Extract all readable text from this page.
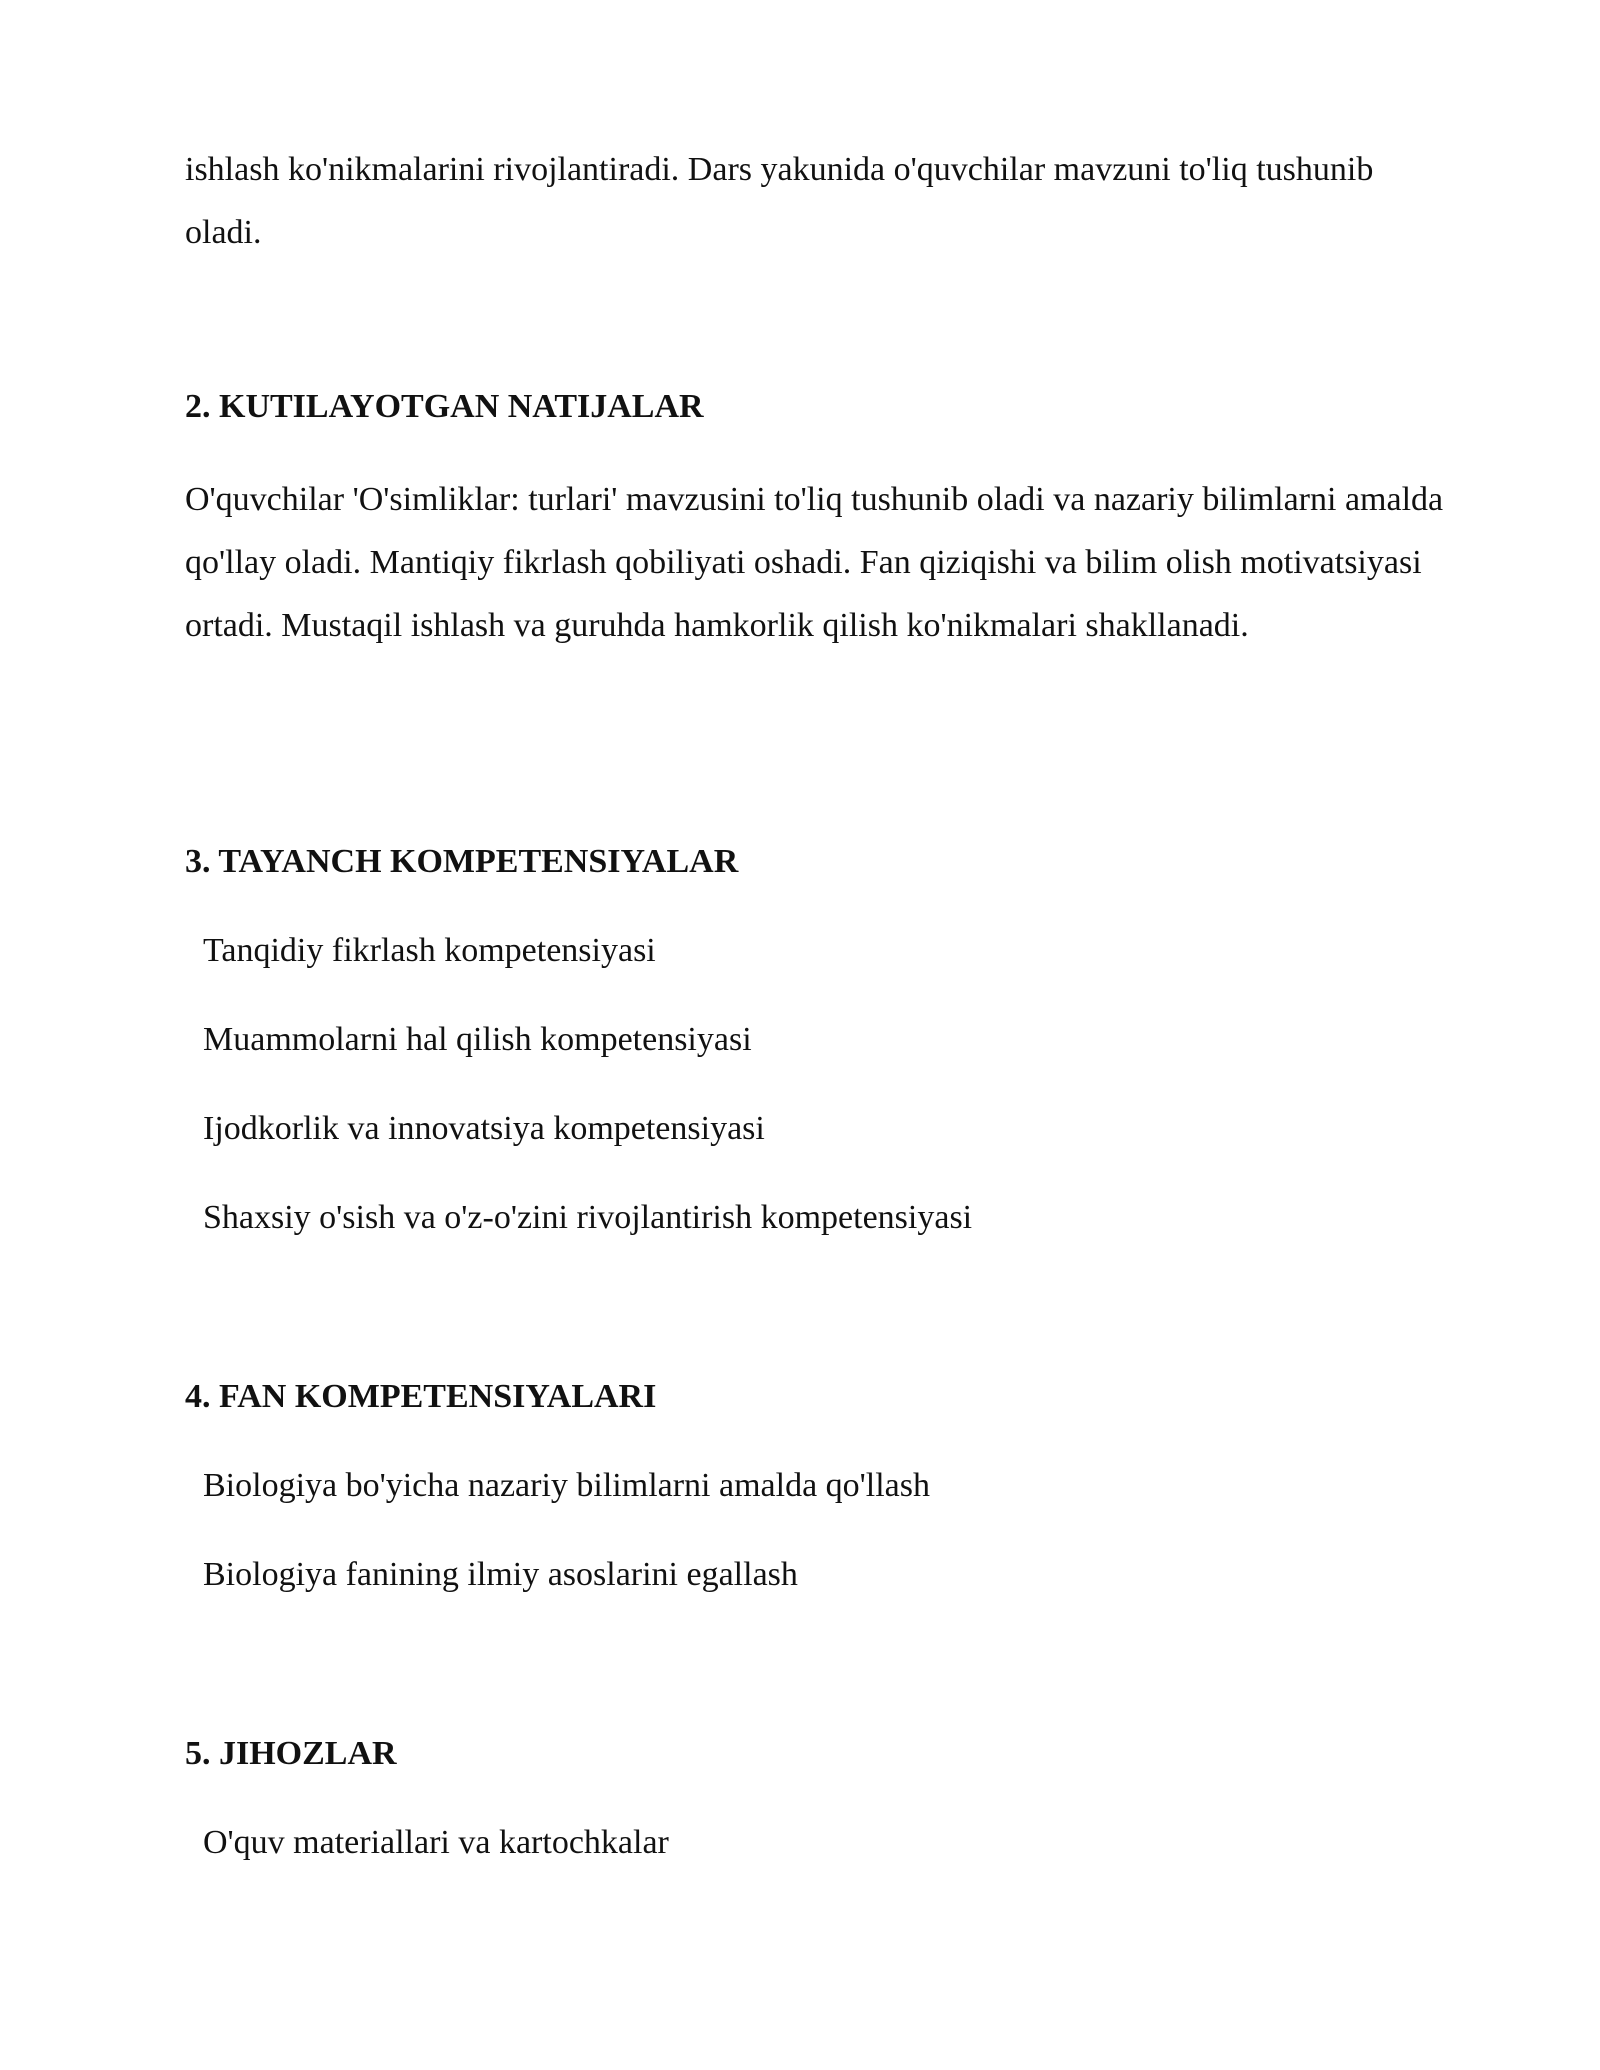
ishlash ko'nikmalarini rivojlantiradi. Dars yakunida o'quvchilar mavzuni to'liq tushunib oladi.

2. KUTILAYOTGAN NATIJALAR

O'quvchilar 'O'simliklar: turlari' mavzusini to'liq tushunib oladi va nazariy bilimlarni amalda qo'llay oladi. Mantiqiy fikrlash qobiliyati oshadi. Fan qiziqishi va bilim olish motivatsiyasi ortadi. Mustaqil ishlash va guruhda hamkorlik qilish ko'nikmalari shakllanadi.

3. TAYANCH KOMPETENSIYALAR

Tanqidiy fikrlash kompetensiyasi

Muammolarni hal qilish kompetensiyasi

Ijodkorlik va innovatsiya kompetensiyasi

Shaxsiy o'sish va o'z-o'zini rivojlantirish kompetensiyasi

4. FAN KOMPETENSIYALARI

Biologiya bo'yicha nazariy bilimlarni amalda qo'llash

Biologiya fanining ilmiy asoslarini egallash

5. JIHOZLAR

O'quv materiallari va kartochkalar
